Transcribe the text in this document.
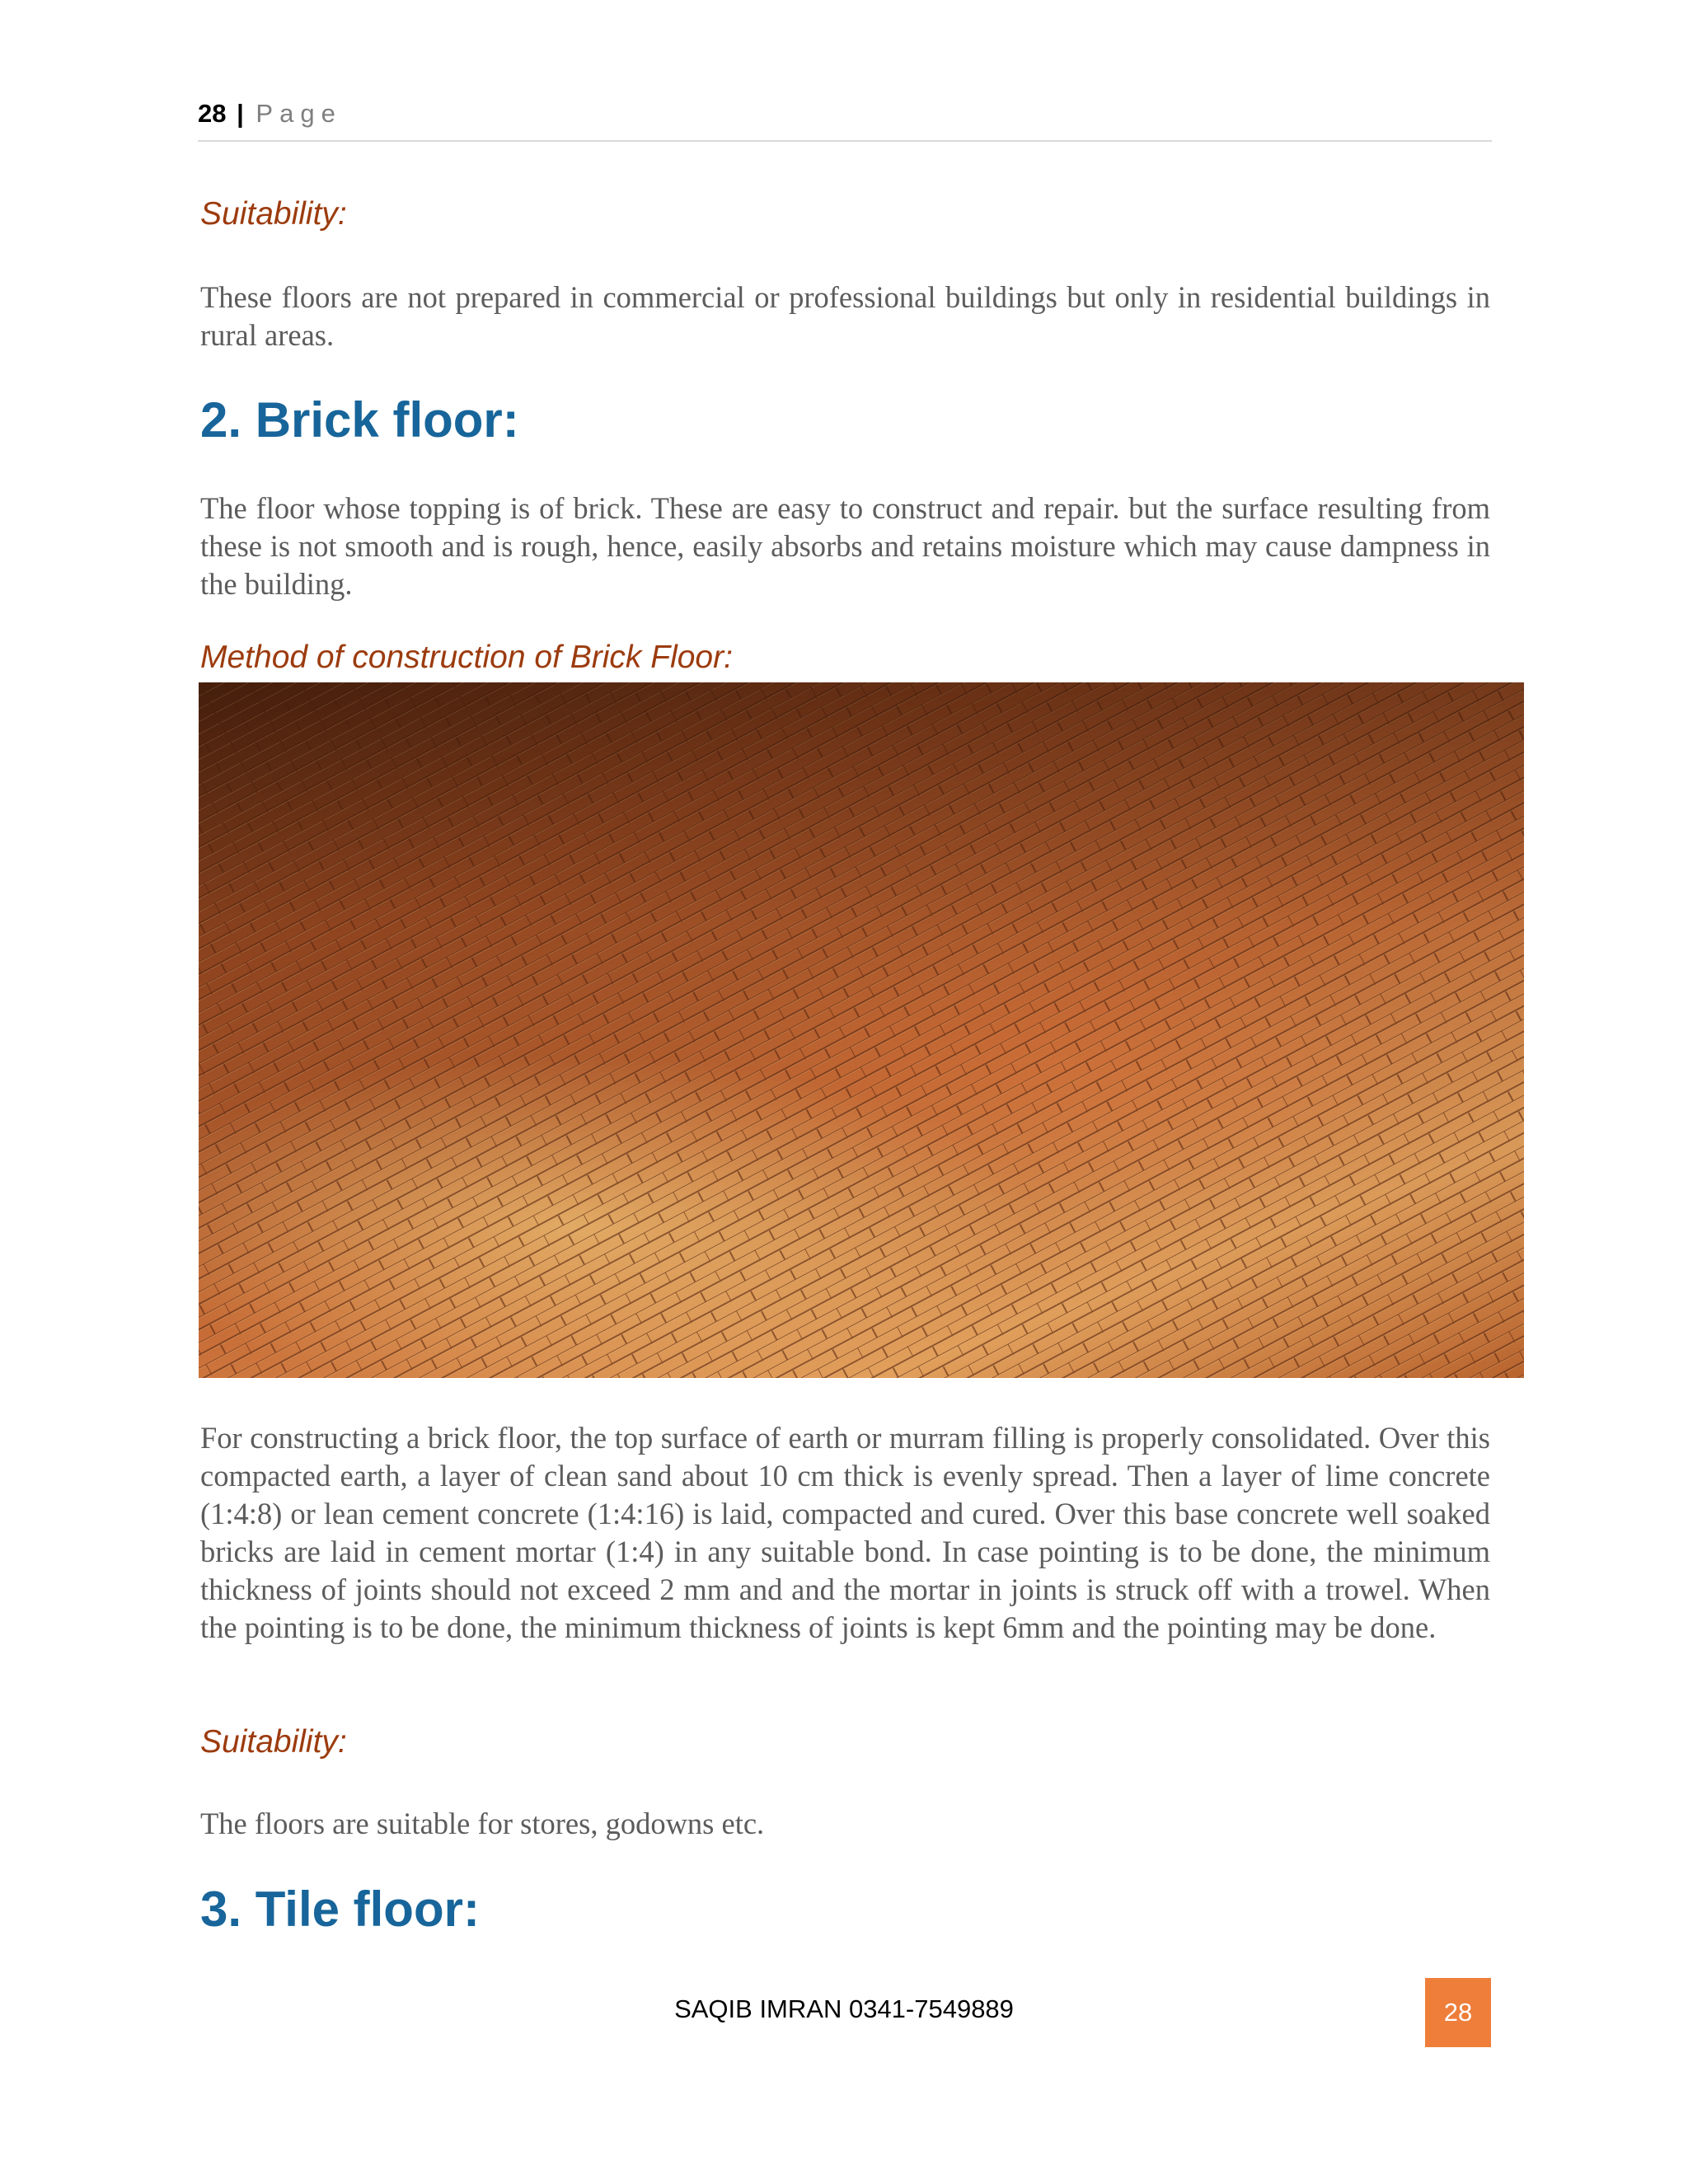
28 | Page
Suitability:

These floors are not prepared in commercial or professional buildings but only in residential buildings in rural areas.

2. Brick floor:

The floor whose topping is of brick. These are easy to construct and repair. but the surface resulting from these is not smooth and is rough, hence, easily absorbs and retains moisture which may cause dampness in the building.

Method of construction of Brick Floor:

For constructing a brick floor, the top surface of earth or murram filling is properly consolidated. Over this compacted earth, a layer of clean sand about 10 cm thick is evenly spread. Then a layer of lime concrete (1:4:8) or lean cement concrete (1:4:16) is laid, compacted and cured. Over this base concrete well soaked bricks are laid in cement mortar (1:4) in any suitable bond. In case pointing is to be done, the minimum thickness of joints should not exceed 2 mm and and the mortar in joints is struck off with a trowel. When the pointing is to be done, the minimum thickness of joints is kept 6mm and the pointing may be done.

Suitability:

The floors are suitable for stores, godowns etc.

3. Tile floor:
SAQIB IMRAN 0341-7549889	28
